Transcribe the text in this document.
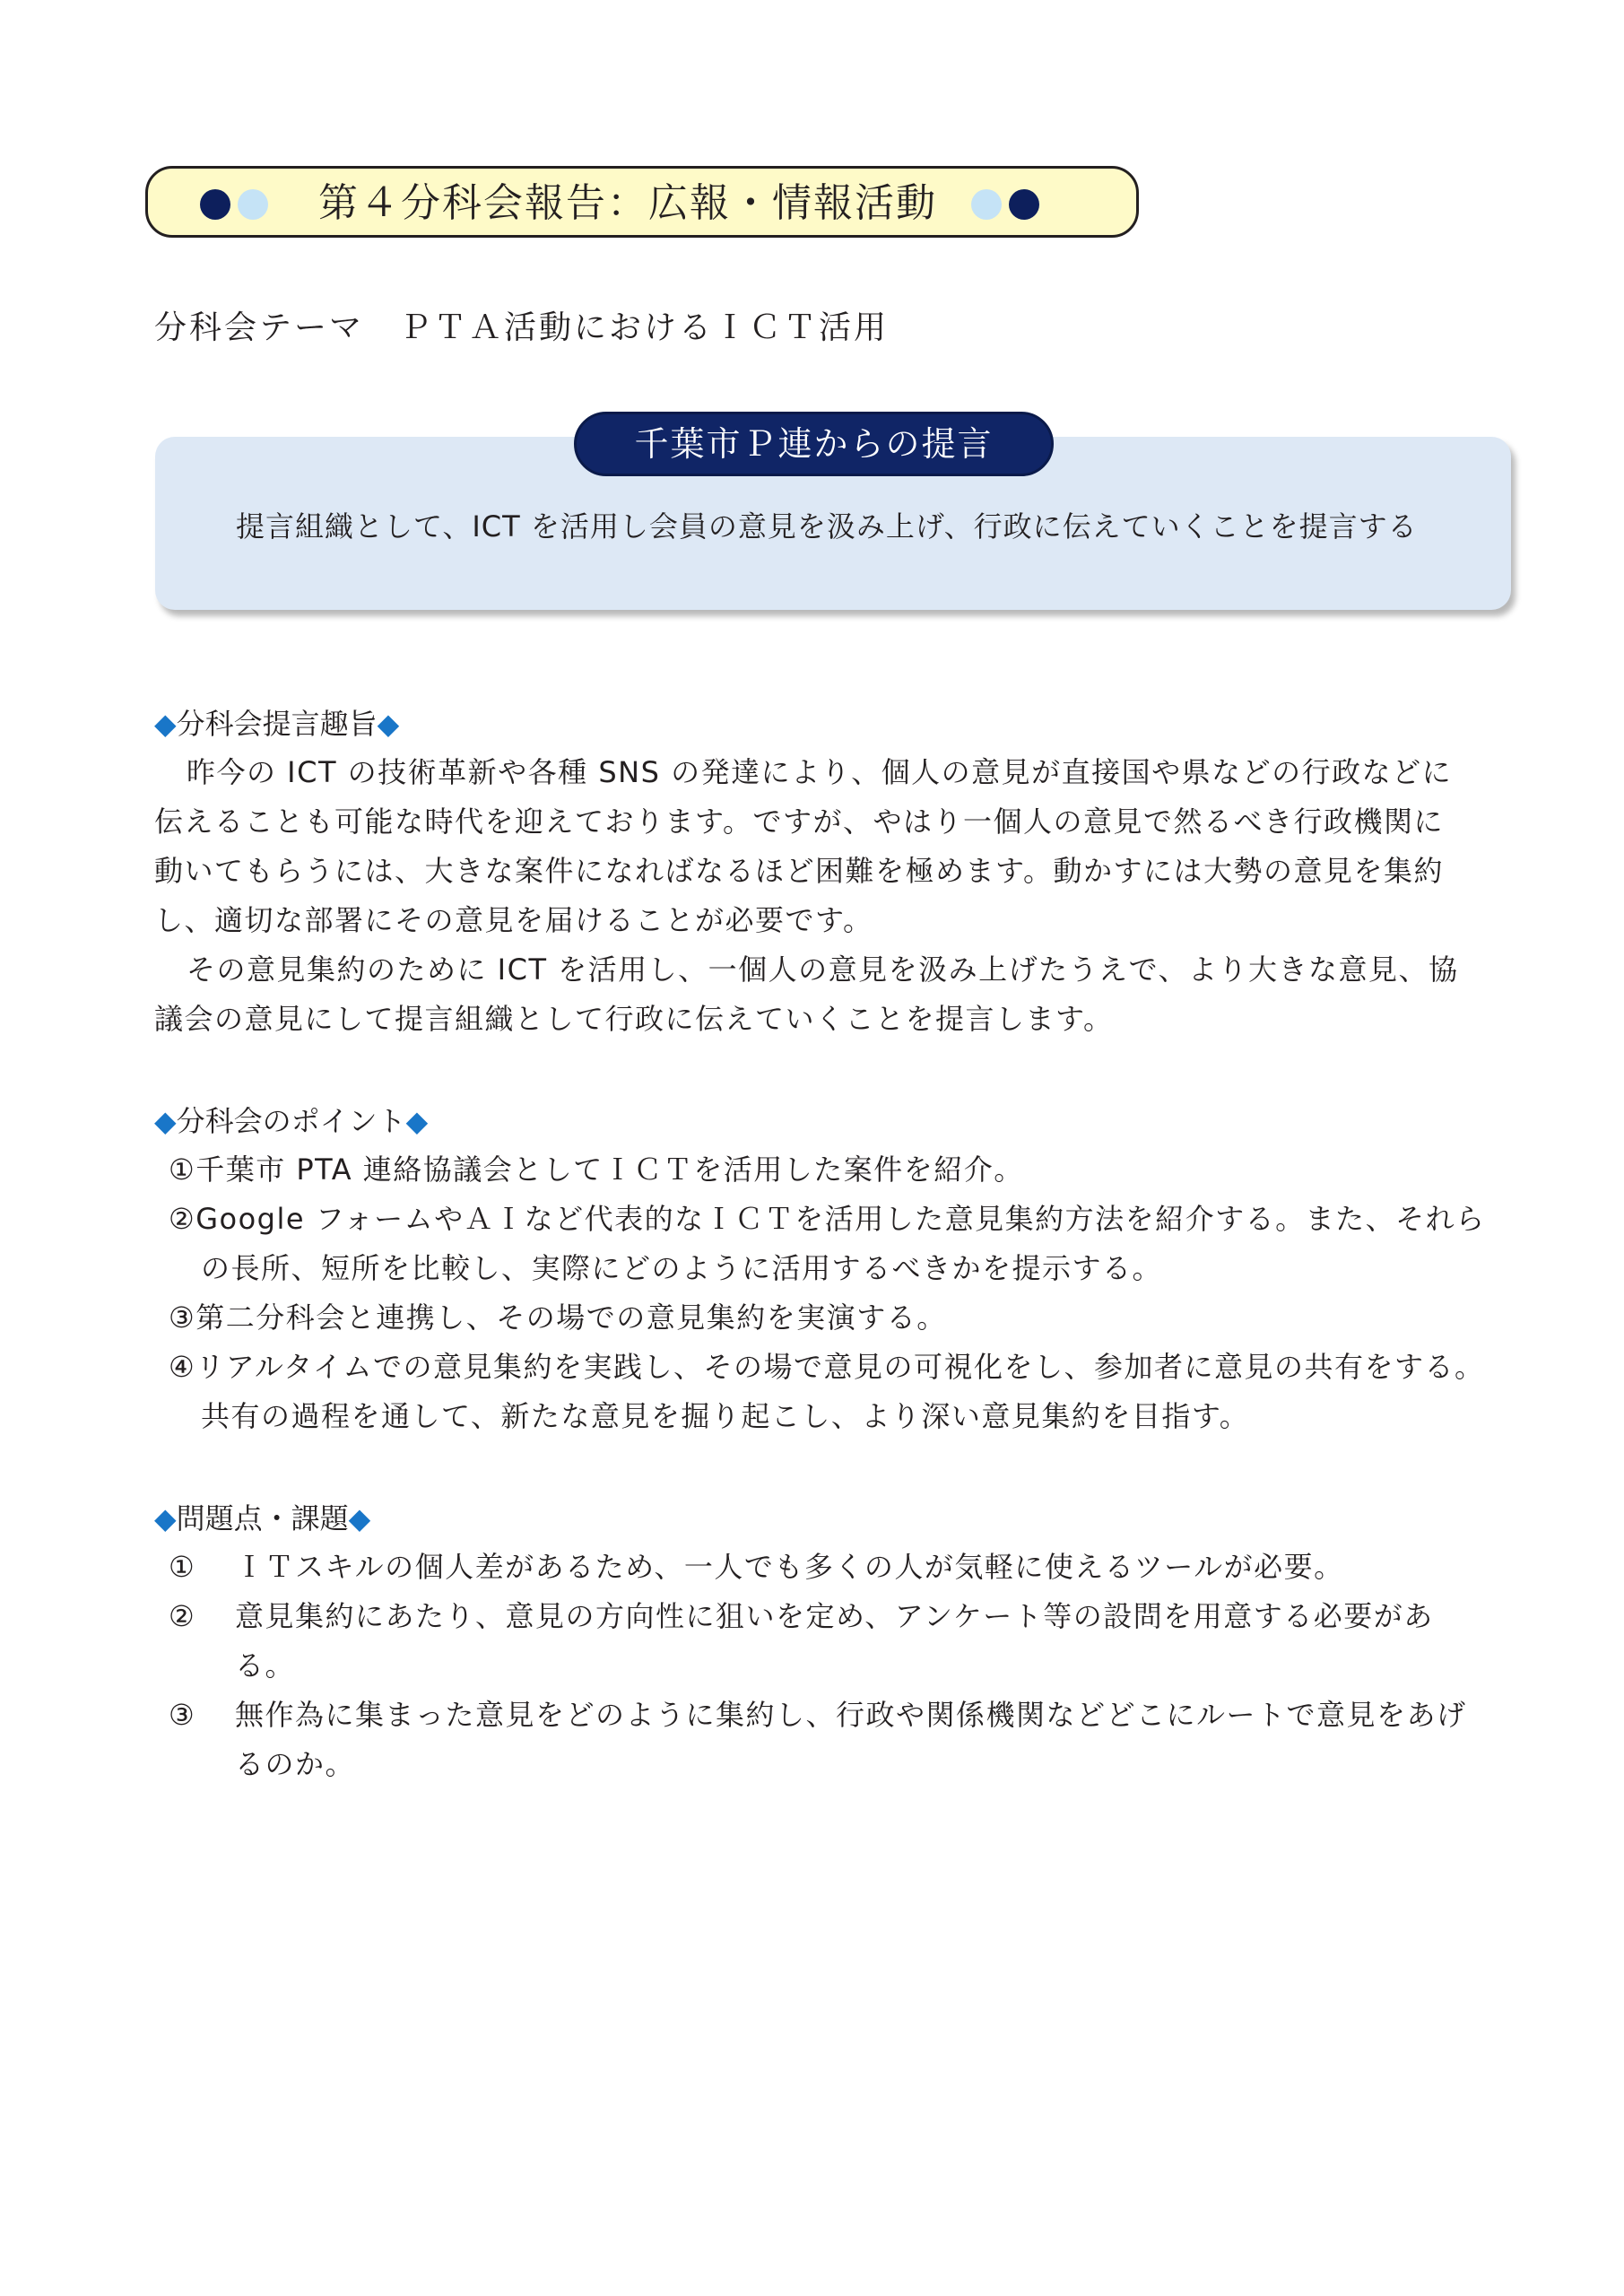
第４分科会報告：広報・情報活動
分科会テーマ　ＰＴＡ活動におけるＩＣＴ活用
提言組織として、ICT を活用し会員の意見を汲み上げ、行政に伝えていくことを提言する
千葉市Ｐ連からの提言
◆分科会提言趣旨◆

昨今の ICT の技術革新や各種 SNS の発達により、個人の意見が直接国や県などの行政などに伝えることも可能な時代を迎えております。ですが、やはり一個人の意見で然るべき行政機関に動いてもらうには、大きな案件になればなるほど困難を極めます。動かすには大勢の意見を集約し、適切な部署にその意見を届けることが必要です。

その意見集約のために ICT を活用し、一個人の意見を汲み上げたうえで、より大きな意見、協議会の意見にして提言組織として行政に伝えていくことを提言します。

◆分科会のポイント◆

①千葉市 PTA 連絡協議会としてＩＣＴを活用した案件を紹介。

②Google フォームやＡＩなど代表的なＩＣＴを活用した意見集約方法を紹介する。また、それらの長所、短所を比較し、実際にどのように活用するべきかを提示する。

③第二分科会と連携し、その場での意見集約を実演する。

④リアルタイムでの意見集約を実践し、その場で意見の可視化をし、参加者に意見の共有をする。共有の過程を通して、新たな意見を掘り起こし、より深い意見集約を目指す。

◆問題点・課題◆
① ＩＴスキルの個人差があるため、一人でも多くの人が気軽に使えるツールが必要。
② 意見集約にあたり、意見の方向性に狙いを定め、アンケート等の設問を用意する必要がある。
③ 無作為に集まった意見をどのように集約し、行政や関係機関などどこにルートで意見をあげるのか。
